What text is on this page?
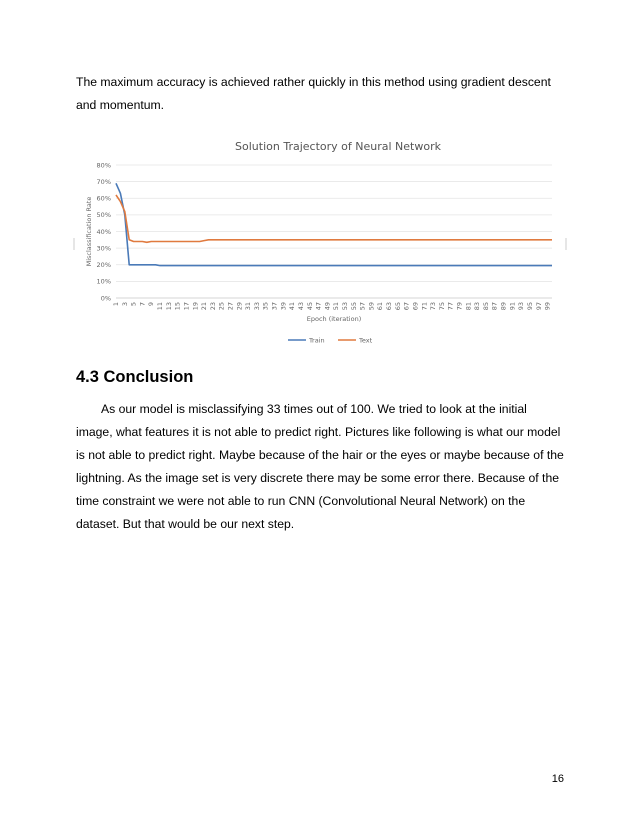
The maximum accuracy is achieved rather quickly in this method using gradient descent and momentum.

0%
10%
20%
30%
40%
50%
60%
70%
80%
Misclassification Rate
1 3 5 7 9 11 13 15 17 19 21 23 25 27 29 31 33 35 37 39 41 43 45 47 49 51 53 55 57 59 61 63 65 67 69 71 73 75 77 79 81 83 85 87 89 91 93 95 97 99
Epoch (iteration)
Train	Text
Solution Trajectory of Neural Network
4.3 Conclusion

As our model is misclassifying 33 times out of 100. We tried to look at the initial image, what features it is not able to predict right. Pictures like following is what our model is not able to predict right. Maybe because of the hair or the eyes or maybe because of the lightning. As the image set is very discrete there may be some error there. Because of the time constraint we were not able to run CNN (Convolutional Neural Network) on the dataset. But that would be our next step.

16
